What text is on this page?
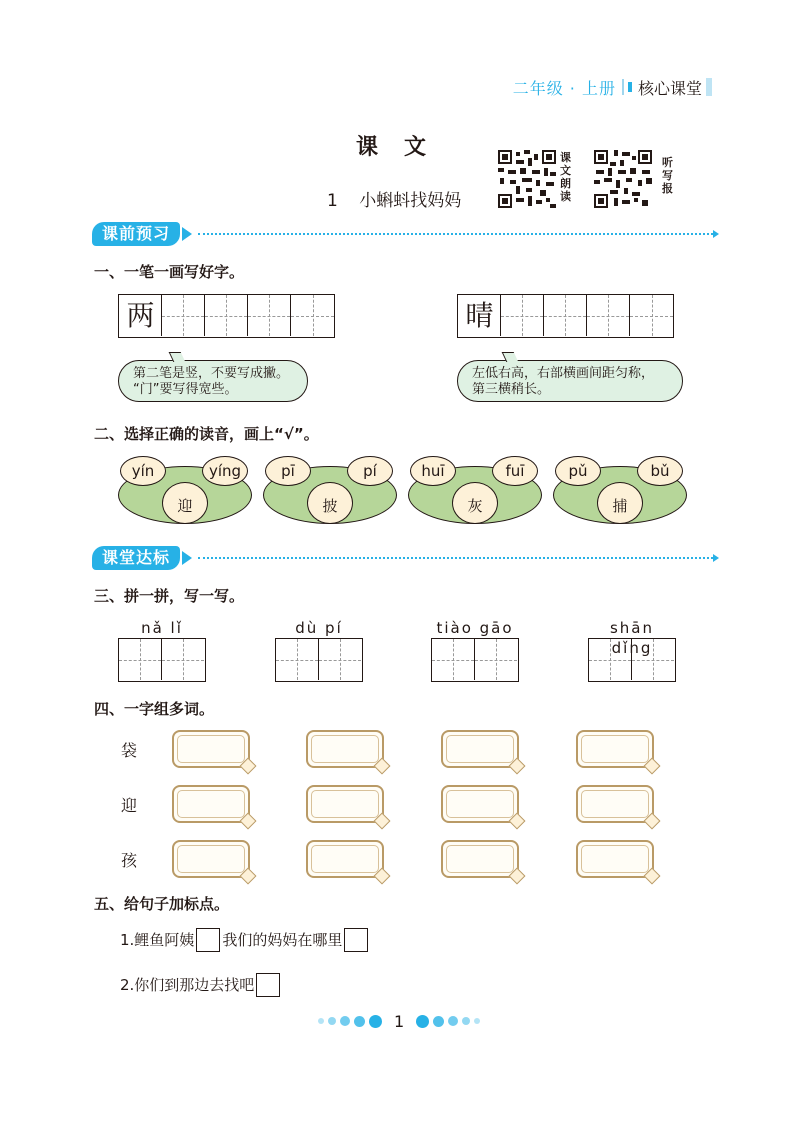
二年级 · 上册 核心课堂
课文
1 小蝌蚪找妈妈
课文朗读
听写报
课前预习
一、一笔一画写好字。
两	晴
第二笔是竖，不要写成撇。
“门”要写得宽些。
左低右高，右部横画间距匀称，
第三横稍长。
二、选择正确的读音，画上“√”。
yín	yíng
迎
pī	pí
披
huī	fuī
灰
pǔ	bǔ
捕
课堂达标
三、拼一拼，写一写。
nǎ lǐ	dù pí	tiào gāo	shān dǐng
四、一字组多词。
袋
迎
孩
五、给句子加标点。
1.鲤鱼阿姨 我们的妈妈在哪里
2.你们到那边去找吧
1
